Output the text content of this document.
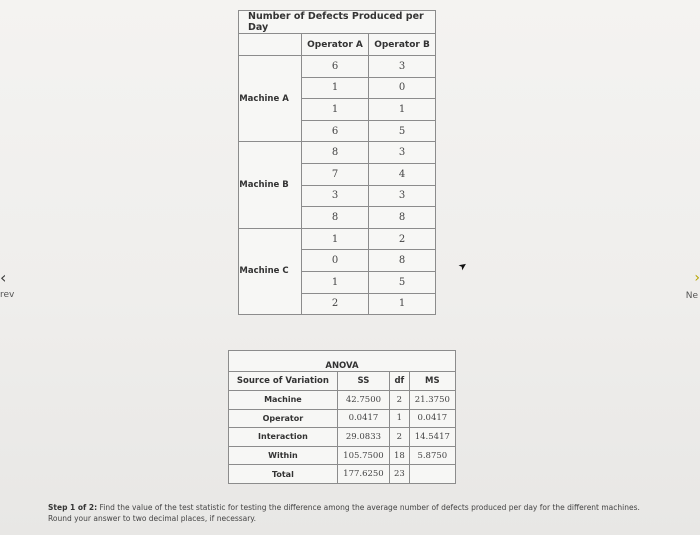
‹
rev
›
Ne
Number of Defects Produced per Day		
	Operator A	Operator B
Machine A	6	3
	1	0
	1	1
	6	5
Machine B	8	3
	7	4
	3	3
	8	8
Machine C	1	2
	0	8
	1	5
	2	1
➤
ANOVA			
Source of Variation	SS	df	MS
Machine	42.7500	2	21.3750
Operator	0.0417	1	0.0417
Interaction	29.0833	2	14.5417
Within	105.7500	18	5.8750
Total	177.6250	23	
Step 1 of 2: Find the value of the test statistic for testing the difference among the average number of defects produced per day for the different machines. Round your answer to two decimal places, if necessary.
